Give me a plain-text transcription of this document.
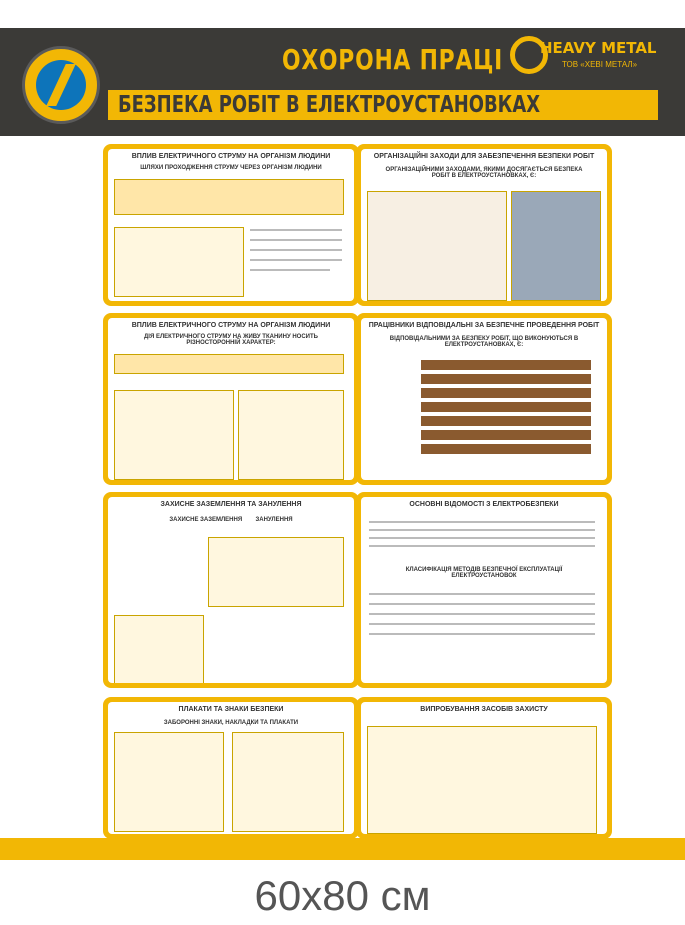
ОХОРОНА ПРАЦІ
БЕЗПЕКА РОБІТ В ЕЛЕКТРОУСТАНОВКАХ
HEAVY METAL
ТОВ «ХЕВІ МЕТАЛ»
ВПЛИВ ЕЛЕКТРИЧНОГО СТРУМУ НА ОРГАНІЗМ ЛЮДИНИ
ШЛЯХИ ПРОХОДЖЕННЯ СТРУМУ ЧЕРЕЗ ОРГАНІЗМ ЛЮДИНИ
ОРГАНІЗАЦІЙНІ ЗАХОДИ ДЛЯ ЗАБЕЗПЕЧЕННЯ БЕЗПЕКИ РОБІТ
ОРГАНІЗАЦІЙНИМИ ЗАХОДАМИ, ЯКИМИ ДОСЯГАЄТЬСЯ БЕЗПЕКА РОБІТ В ЕЛЕКТРОУСТАНОВКАХ, Є:
ВПЛИВ ЕЛЕКТРИЧНОГО СТРУМУ НА ОРГАНІЗМ ЛЮДИНИ
ДІЯ ЕЛЕКТРИЧНОГО СТРУМУ НА ЖИВУ ТКАНИНУ НОСИТЬ РІЗНОСТОРОННІЙ ХАРАКТЕР:
ПРАЦІВНИКИ ВІДПОВІДАЛЬНІ ЗА БЕЗПЕЧНЕ ПРОВЕДЕННЯ РОБІТ
ВІДПОВІДАЛЬНИМИ ЗА БЕЗПЕКУ РОБІТ, ЩО ВИКОНУЮТЬСЯ В ЕЛЕКТРОУСТАНОВКАХ, Є:
ЗАХИСНЕ ЗАЗЕМЛЕННЯ ТА ЗАНУЛЕННЯ
ЗАХИСНЕ ЗАЗЕМЛЕННЯ        ЗАНУЛЕННЯ
ОСНОВНІ ВІДОМОСТІ З ЕЛЕКТРОБЕЗПЕКИ
КЛАСИФІКАЦІЯ МЕТОДІВ БЕЗПЕЧНОЇ ЕКСПЛУАТАЦІЇ ЕЛЕКТРОУСТАНОВОК
ПЛАКАТИ ТА ЗНАКИ БЕЗПЕКИ
ЗАБОРОННІ ЗНАКИ, НАКЛАДКИ ТА ПЛАКАТИ
ВИПРОБУВАННЯ ЗАСОБІВ ЗАХИСТУ
60x80 см
